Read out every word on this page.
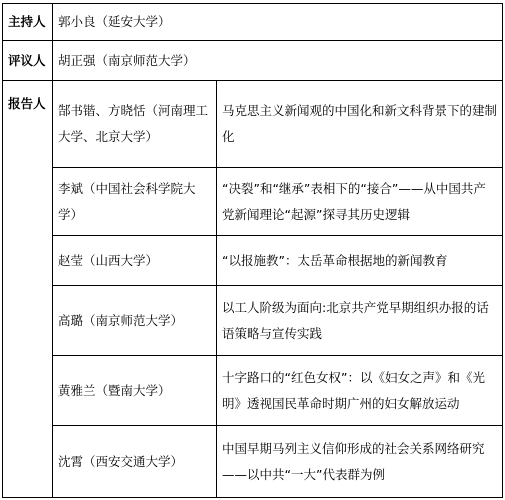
主持人	郭小良（延安大学）	
评议人	胡正强（南京师范大学）	
报告人	郜书锴、方晓恬（河南理工大学、北京大学）	马克思主义新闻观的中国化和新文科背景下的建制化
	李斌（中国社会科学院大学）	“决裂”和“继承”表相下的“接合”——从中国共产党新闻理论“起源”探寻其历史逻辑
	赵莹（山西大学）	“以报施教”：太岳革命根据地的新闻教育
	高璐（南京师范大学）	以工人阶级为面向:北京共产党早期组织办报的话语策略与宣传实践
	黄雅兰（暨南大学）	十字路口的“红色女权”：以《妇女之声》和《光明》透视国民革命时期广州的妇女解放运动
	沈霄（西安交通大学）	中国早期马列主义信仰形成的社会关系网络研究——以中共“一大”代表群为例
